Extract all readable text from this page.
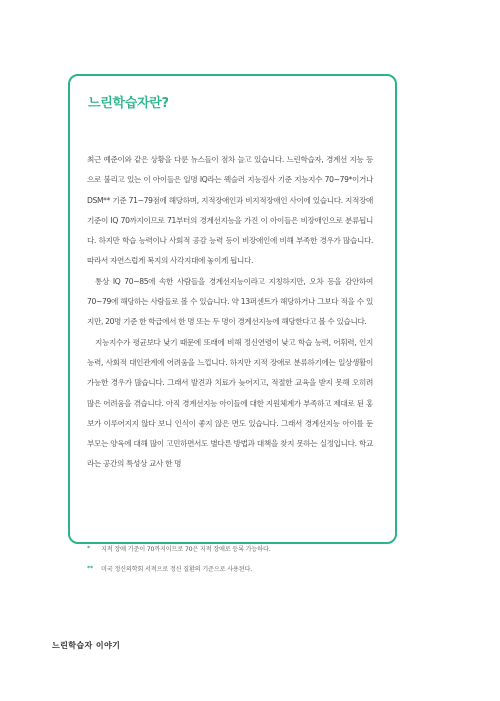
느린학습자란?

최근 예준이와 같은 상황을 다룬 뉴스들이 점차 늘고 있습니다. 느린학습자, 경계선 지능 등으로 불리고 있는 이 아이들은 일명 IQ라는 웩슬러 지능검사 기준 지능지수 70~79*이거나 DSM** 기준 71~79점에 해당하며, 지적장애인과 비지적장애인 사이에 있습니다. 지적장애 기준이 IQ 70까지이므로 71부터의 경계선지능을 가진 이 아이들은 비장애인으로 분류됩니다. 하지만 학습 능력이나 사회적 공감 능력 등이 비장애인에 비해 부족한 경우가 많습니다. 따라서 자연스럽게 복지의 사각지대에 놓이게 됩니다.

통상 IQ 70~85에 속한 사람들을 경계선지능이라고 지칭하지만, 오차 등을 감안하여 70~79에 해당하는 사람들로 볼 수 있습니다. 약 13퍼센트가 해당하거나 그보다 적을 수 있지만, 20명 기준 한 학급에서 한 명 또는 두 명이 경계선지능에 해당한다고 볼 수 있습니다.

지능지수가 평균보다 낮기 때문에 또래에 비해 정신연령이 낮고 학습 능력, 어휘력, 인지능력, 사회적 대인관계에 어려움을 느낍니다. 하지만 지적 장애로 분류하기에는 일상생활이 가능한 경우가 많습니다. 그래서 발견과 치료가 늦어지고, 적절한 교육을 받지 못해 오히려 많은 어려움을 겪습니다. 아직 경계선지능 아이들에 대한 지원체계가 부족하고 제대로 된 홍보가 이루어지지 않다 보니 인식이 좋지 않은 면도 있습니다. 그래서 경계선지능 아이를 둔 부모는 양육에 대해 많이 고민하면서도 별다른 방법과 대책을 찾지 못하는 실정입니다. 학교라는 공간의 특성상 교사 한 명

*	지적 장애 기준이 70까지이므로 70은 지적 장애로 등록 가능하다.
**	미국 정신의학회 서적으로 정신 질환의 기준으로 사용된다.
느린학습자 이야기
